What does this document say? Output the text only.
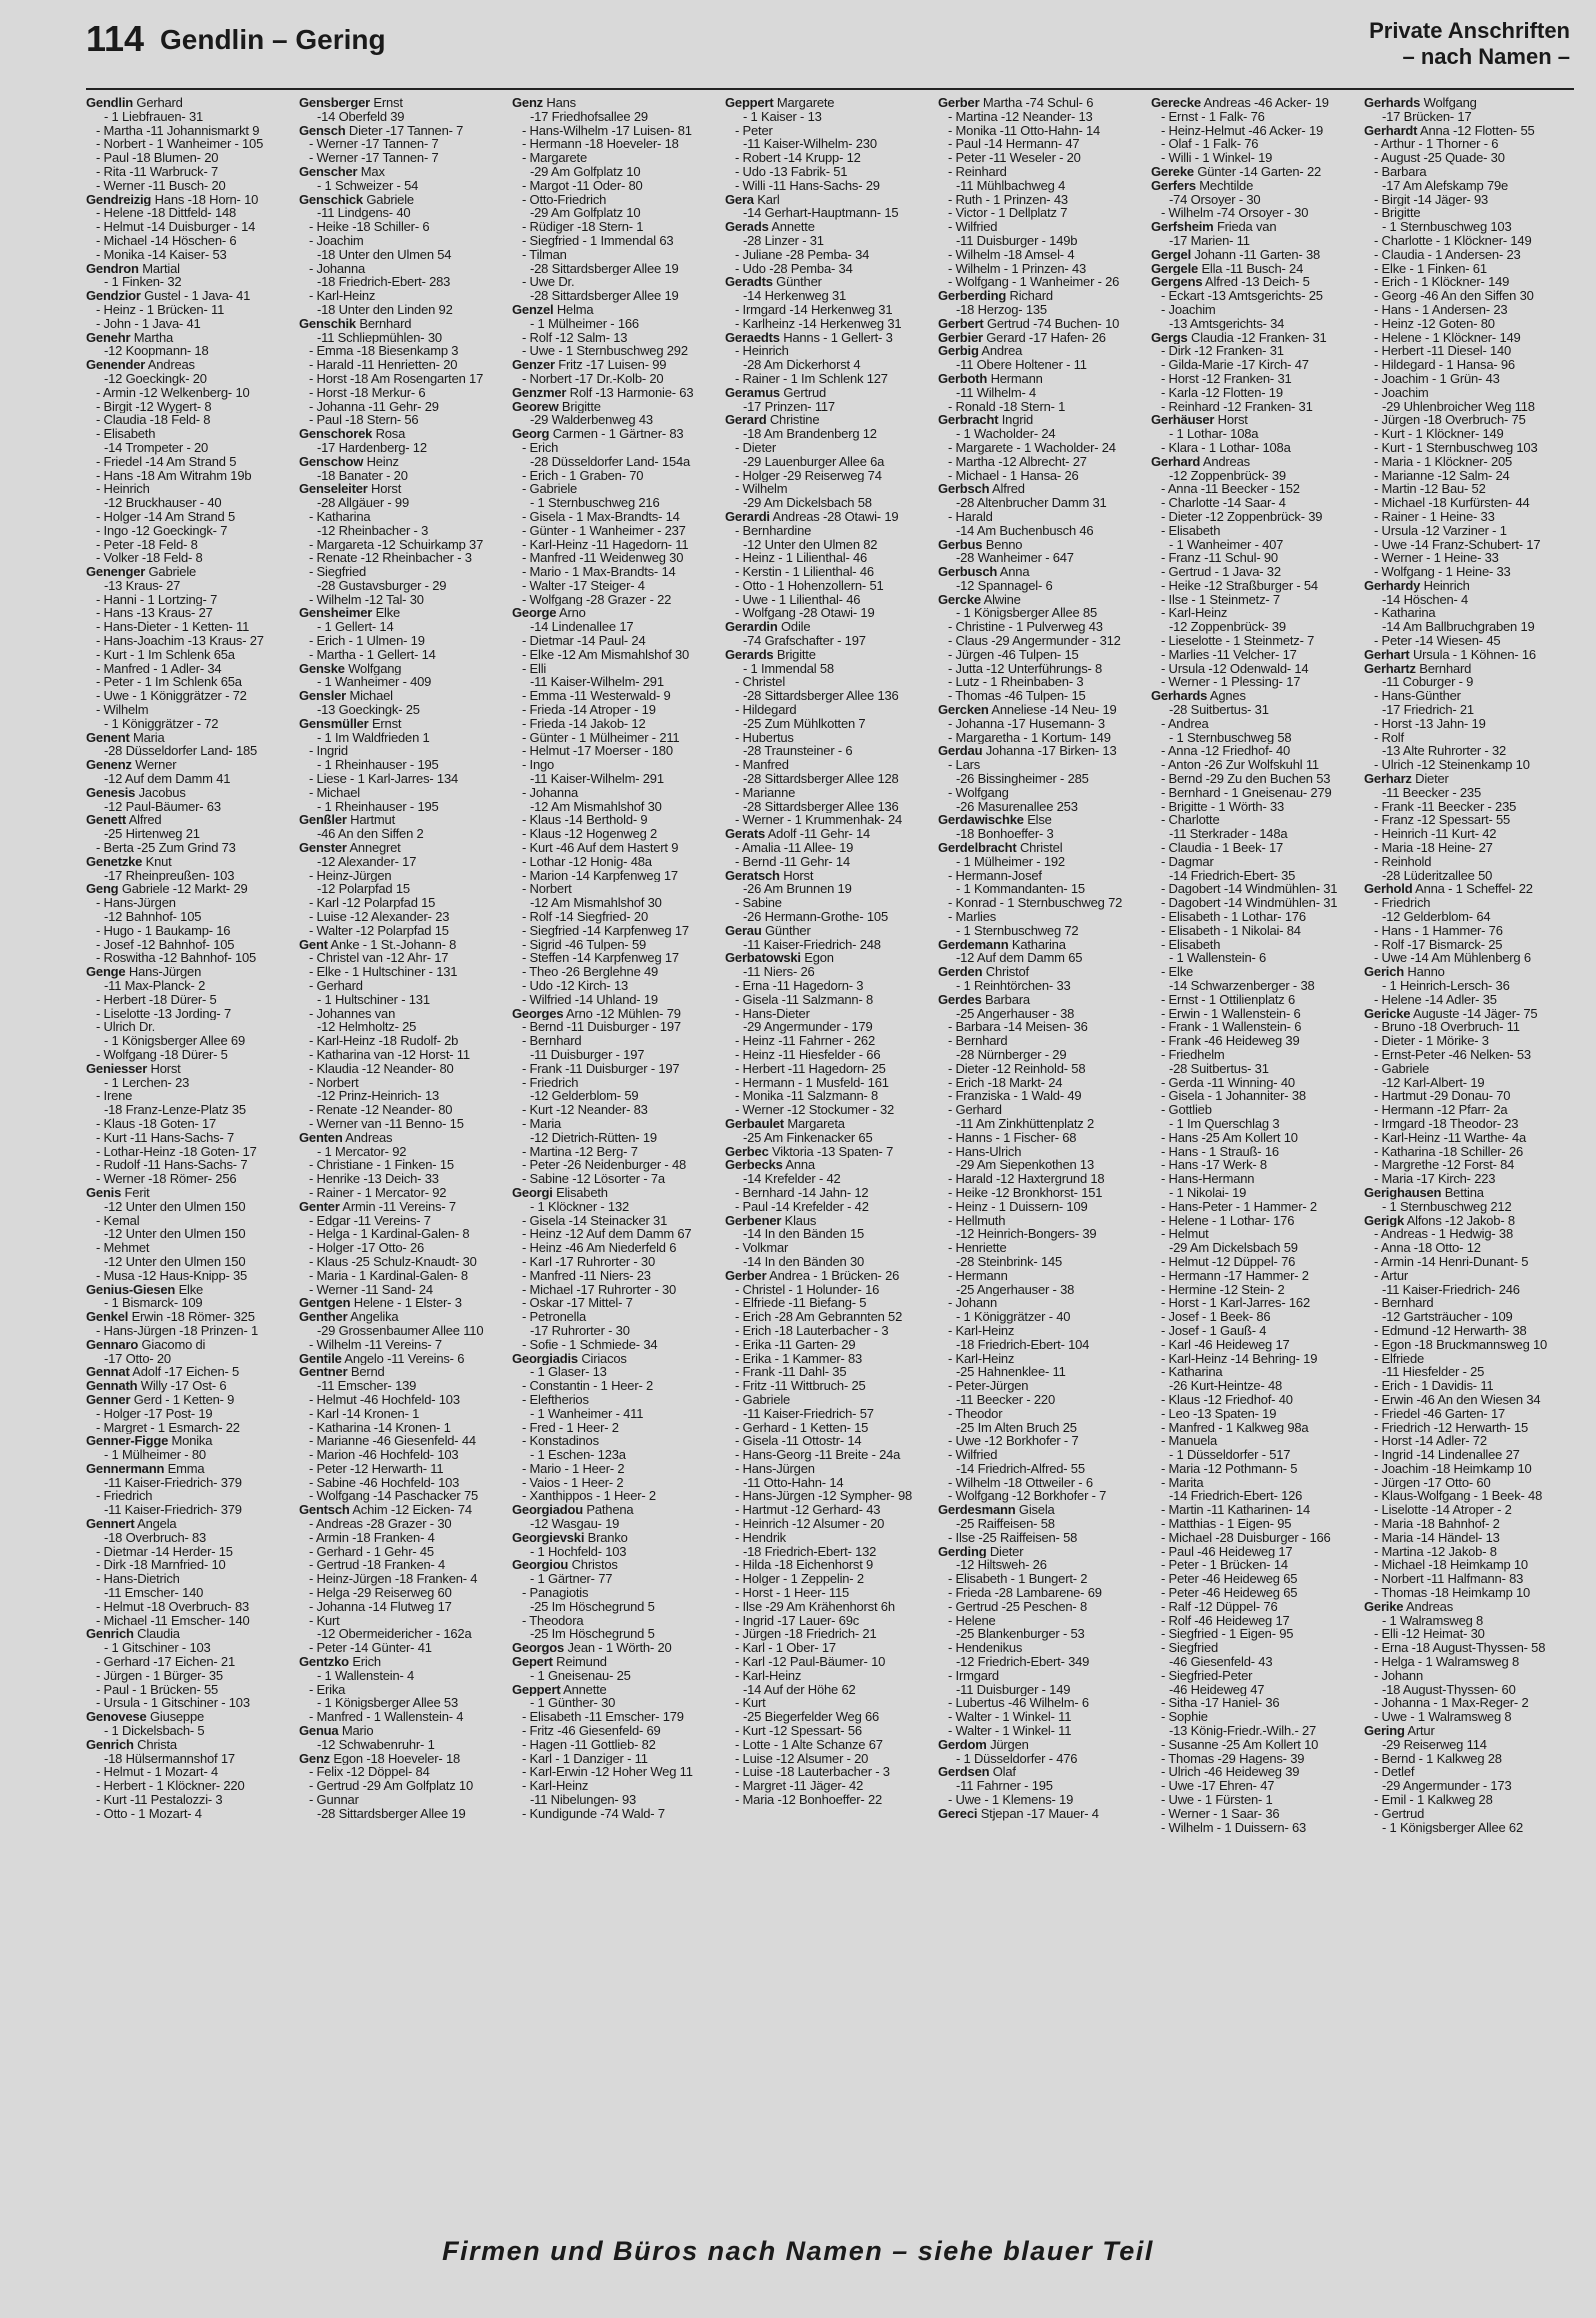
114 Gendlin – Gering	Private Anschriften
– nach Namen –
Gendlin Gerhard
- 1 Liebfrauen- 31
- Martha -11 Johannismarkt 9
- Norbert - 1 Wanheimer - 105
- Paul -18 Blumen- 20
- Rita -11 Warbruck- 7
- Werner -11 Busch- 20
Gendreizig Hans -18 Horn- 10
- Helene -18 Dittfeld- 148
- Helmut -14 Duisburger - 14
- Michael -14 Höschen- 6
- Monika -14 Kaiser- 53
Gendron Martial
- 1 Finken- 32
Gendzior Gustel - 1 Java- 41
- Heinz - 1 Brücken- 11
- John - 1 Java- 41
Genehr Martha
-12 Koopmann- 18
Genender Andreas
-12 Goeckingk- 20
- Armin -12 Welkenberg- 10
- Birgit -12 Wygert- 8
- Claudia -18 Feld- 8
- Elisabeth
-14 Trompeter - 20
- Friedel -14 Am Strand 5
- Hans -18 Am Witrahm 19b
- Heinrich
-12 Bruckhauser - 40
- Holger -14 Am Strand 5
- Ingo -12 Goeckingk- 7
- Peter -18 Feld- 8
- Volker -18 Feld- 8
Genenger Gabriele
-13 Kraus- 27
- Hanni - 1 Lortzing- 7
- Hans -13 Kraus- 27
- Hans-Dieter - 1 Ketten- 11
- Hans-Joachim -13 Kraus- 27
- Kurt - 1 Im Schlenk 65a
- Manfred - 1 Adler- 34
- Peter - 1 Im Schlenk 65a
- Uwe - 1 Königgrätzer - 72
- Wilhelm
- 1 Königgrätzer - 72
Genent Maria
-28 Düsseldorfer Land- 185
Genenz Werner
-12 Auf dem Damm 41
Genesis Jacobus
-12 Paul-Bäumer- 63
Genett Alfred
-25 Hirtenweg 21
- Berta -25 Zum Grind 73
Genetzke Knut
-17 Rheinpreußen- 103
Geng Gabriele -12 Markt- 29
- Hans-Jürgen
-12 Bahnhof- 105
- Hugo - 1 Baukamp- 16
- Josef -12 Bahnhof- 105
- Roswitha -12 Bahnhof- 105
Genge Hans-Jürgen
-11 Max-Planck- 2
- Herbert -18 Dürer- 5
- Liselotte -13 Jording- 7
- Ulrich Dr.
- 1 Königsberger Allee 69
- Wolfgang -18 Dürer- 5
Geniesser Horst
- 1 Lerchen- 23
- Irene
-18 Franz-Lenze-Platz 35
- Klaus -18 Goten- 17
- Kurt -11 Hans-Sachs- 7
- Lothar-Heinz -18 Goten- 17
- Rudolf -11 Hans-Sachs- 7
- Werner -18 Römer- 256
Genis Ferit
-12 Unter den Ulmen 150
- Kemal
-12 Unter den Ulmen 150
- Mehmet
-12 Unter den Ulmen 150
- Musa -12 Haus-Knipp- 35
Genius-Giesen Elke
- 1 Bismarck- 109
Genkel Erwin -18 Römer- 325
- Hans-Jürgen -18 Prinzen- 1
Gennaro Giacomo di
-17 Otto- 20
Gennat Adolf -17 Eichen- 5
Gennath Willy -17 Ost- 6
Genner Gerd - 1 Ketten- 9
- Holger -17 Post- 19
- Margret - 1 Esmarch- 22
Genner-Figge Monika
- 1 Mülheimer - 80
Gennermann Emma
-11 Kaiser-Friedrich- 379
- Friedrich
-11 Kaiser-Friedrich- 379
Gennert Angela
-18 Overbruch- 83
- Dietmar -14 Herder- 15
- Dirk -18 Marnfried- 10
- Hans-Dietrich
-11 Emscher- 140
- Helmut -18 Overbruch- 83
- Michael -11 Emscher- 140
Genrich Claudia
- 1 Gitschiner - 103
- Gerhard -17 Eichen- 21
- Jürgen - 1 Bürger- 35
- Paul - 1 Brücken- 55
- Ursula - 1 Gitschiner - 103
Genovese Giuseppe
- 1 Dickelsbach- 5
Genrich Christa
-18 Hülsermannshof 17
- Helmut - 1 Mozart- 4
- Herbert - 1 Klöckner- 220
- Kurt -11 Pestalozzi- 3
- Otto - 1 Mozart- 4
Gensberger Ernst
-14 Oberfeld 39
Gensch Dieter -17 Tannen- 7
- Werner -17 Tannen- 7
- Werner -17 Tannen- 7
Genscher Max
- 1 Schweizer - 54
Genschick Gabriele
-11 Lindgens- 40
- Heike -18 Schiller- 6
- Joachim
-18 Unter den Ulmen 54
- Johanna
-18 Friedrich-Ebert- 283
- Karl-Heinz
-18 Unter den Linden 92
Genschik Bernhard
-11 Schliepmühlen- 30
- Emma -18 Biesenkamp 3
- Harald -11 Henrietten- 20
- Horst -18 Am Rosengarten 17
- Horst -18 Merkur- 6
- Johanna -11 Gehr- 29
- Paul -18 Stern- 56
Genschorek Rosa
-17 Hardenberg- 12
Genschow Heinz
-18 Banater - 20
Genseleiter Horst
-28 Allgäuer - 99
- Katharina
-12 Rheinbacher - 3
- Margareta -12 Schuirkamp 37
- Renate -12 Rheinbacher - 3
- Siegfried
-28 Gustavsburger - 29
- Wilhelm -12 Tal- 30
Gensheimer Elke
- 1 Gellert- 14
- Erich - 1 Ulmen- 19
- Martha - 1 Gellert- 14
Genske Wolfgang
- 1 Wanheimer - 409
Gensler Michael
-13 Goeckingk- 25
Gensmüller Ernst
- 1 Im Waldfrieden 1
- Ingrid
- 1 Rheinhauser - 195
- Liese - 1 Karl-Jarres- 134
- Michael
- 1 Rheinhauser - 195
Genßler Hartmut
-46 An den Siffen 2
Genster Annegret
-12 Alexander- 17
- Heinz-Jürgen
-12 Polarpfad 15
- Karl -12 Polarpfad 15
- Luise -12 Alexander- 23
- Walter -12 Polarpfad 15
Gent Anke - 1 St.-Johann- 8
- Christel van -12 Ahr- 17
- Elke - 1 Hultschiner - 131
- Gerhard
- 1 Hultschiner - 131
- Johannes van
-12 Helmholtz- 25
- Karl-Heinz -18 Rudolf- 2b
- Katharina van -12 Horst- 11
- Klaudia -12 Neander- 80
- Norbert
-12 Prinz-Heinrich- 13
- Renate -12 Neander- 80
- Werner van -11 Benno- 15
Genten Andreas
- 1 Mercator- 92
- Christiane - 1 Finken- 15
- Henrike -13 Deich- 33
- Rainer - 1 Mercator- 92
Genter Armin -11 Vereins- 7
- Edgar -11 Vereins- 7
- Helga - 1 Kardinal-Galen- 8
- Holger -17 Otto- 26
- Klaus -25 Schulz-Knaudt- 30
- Maria - 1 Kardinal-Galen- 8
- Werner -11 Sand- 24
Gentgen Helene - 1 Elster- 3
Genther Angelika
-29 Grossenbaumer Allee 110
- Wilhelm -11 Vereins- 7
Gentile Angelo -11 Vereins- 6
Gentner Bernd
-11 Emscher- 139
- Helmut -46 Hochfeld- 103
- Karl -14 Kronen- 1
- Katharina -14 Kronen- 1
- Marianne -46 Giesenfeld- 44
- Marion -46 Hochfeld- 103
- Peter -12 Herwarth- 11
- Sabine -46 Hochfeld- 103
- Wolfgang -14 Paschacker 75
Gentsch Achim -12 Eicken- 74
- Andreas -28 Grazer - 30
- Armin -18 Franken- 4
- Gerhard - 1 Gehr- 45
- Gertrud -18 Franken- 4
- Heinz-Jürgen -18 Franken- 4
- Helga -29 Reiserweg 60
- Johanna -14 Flutweg 17
- Kurt
-12 Obermeidericher - 162a
- Peter -14 Günter- 41
Gentzko Erich
- 1 Wallenstein- 4
- Erika
- 1 Königsberger Allee 53
- Manfred - 1 Wallenstein- 4
Genua Mario
-12 Schwabenruhr- 1
Genz Egon -18 Hoeveler- 18
- Felix -12 Döppel- 84
- Gertrud -29 Am Golfplatz 10
- Gunnar
-28 Sittardsberger Allee 19
Genz Hans
-17 Friedhofsallee 29
- Hans-Wilhelm -17 Luisen- 81
- Hermann -18 Hoeveler- 18
- Margarete
-29 Am Golfplatz 10
- Margot -11 Oder- 80
- Otto-Friedrich
-29 Am Golfplatz 10
- Rüdiger -18 Stern- 1
- Siegfried - 1 Immendal 63
- Tilman
-28 Sittardsberger Allee 19
- Uwe Dr.
-28 Sittardsberger Allee 19
Genzel Helma
- 1 Mülheimer - 166
- Rolf -12 Salm- 13
- Uwe - 1 Sternbuschweg 292
Genzer Fritz -17 Luisen- 99
- Norbert -17 Dr.-Kolb- 20
Genzmer Rolf -13 Harmonie- 63
Georew Brigitte
-29 Walderbenweg 43
Georg Carmen - 1 Gärtner- 83
- Erich
-28 Düsseldorfer Land- 154a
- Erich - 1 Graben- 70
- Gabriele
- 1 Sternbuschweg 216
- Gisela - 1 Max-Brandts- 14
- Günter - 1 Wanheimer - 237
- Karl-Heinz -11 Hagedorn- 11
- Manfred -11 Weidenweg 30
- Mario - 1 Max-Brandts- 14
- Walter -17 Steiger- 4
- Wolfgang -28 Grazer - 22
George Arno
-14 Lindenallee 17
- Dietmar -14 Paul- 24
- Elke -12 Am Mismahlshof 30
- Elli
-11 Kaiser-Wilhelm- 291
- Emma -11 Westerwald- 9
- Frieda -14 Atroper - 19
- Frieda -14 Jakob- 12
- Günter - 1 Mülheimer - 211
- Helmut -17 Moerser - 180
- Ingo
-11 Kaiser-Wilhelm- 291
- Johanna
-12 Am Mismahlshof 30
- Klaus -14 Berthold- 9
- Klaus -12 Hogenweg 2
- Kurt -46 Auf dem Hastert 9
- Lothar -12 Honig- 48a
- Marion -14 Karpfenweg 17
- Norbert
-12 Am Mismahlshof 30
- Rolf -14 Siegfried- 20
- Siegfried -14 Karpfenweg 17
- Sigrid -46 Tulpen- 59
- Steffen -14 Karpfenweg 17
- Theo -26 Berglehne 49
- Udo -12 Kirch- 13
- Wilfried -14 Uhland- 19
Georges Arno -12 Mühlen- 79
- Bernd -11 Duisburger - 197
- Bernhard
-11 Duisburger - 197
- Frank -11 Duisburger - 197
- Friedrich
-12 Gelderblom- 59
- Kurt -12 Neander- 83
- Maria
-12 Dietrich-Rütten- 19
- Martina -12 Berg- 7
- Peter -26 Neidenburger - 48
- Sabine -12 Lösorter - 7a
Georgi Elisabeth
- 1 Klöckner - 132
- Gisela -14 Steinacker 31
- Heinz -12 Auf dem Damm 67
- Heinz -46 Am Niederfeld 6
- Karl -17 Ruhrorter - 30
- Manfred -11 Niers- 23
- Michael -17 Ruhrorter - 30
- Oskar -17 Mittel- 7
- Petronella
-17 Ruhrorter - 30
- Sofie - 1 Schmiede- 34
Georgiadis Ciriacos
- 1 Glaser- 13
- Constantin - 1 Heer- 2
- Eleftherios
- 1 Wanheimer - 411
- Fred - 1 Heer- 2
- Konstadinos
- 1 Eschen- 123a
- Mario - 1 Heer- 2
- Vaios - 1 Heer- 2
- Xanthippos - 1 Heer- 2
Georgiadou Pathena
-12 Wasgau- 19
Georgievski Branko
- 1 Hochfeld- 103
Georgiou Christos
- 1 Gärtner- 77
- Panagiotis
-25 Im Höschegrund 5
- Theodora
-25 Im Höschegrund 5
Georgos Jean - 1 Wörth- 20
Gepert Reimund
- 1 Gneisenau- 25
Geppert Annette
- 1 Günther- 30
- Elisabeth -11 Emscher- 179
- Fritz -46 Giesenfeld- 69
- Hagen -11 Gottlieb- 82
- Karl - 1 Danziger - 11
- Karl-Erwin -12 Hoher Weg 11
- Karl-Heinz
-11 Nibelungen- 93
- Kundigunde -74 Wald- 7
Geppert Margarete
- 1 Kaiser - 13
- Peter
-11 Kaiser-Wilhelm- 230
- Robert -14 Krupp- 12
- Udo -13 Fabrik- 51
- Willi -11 Hans-Sachs- 29
Gera Karl
-14 Gerhart-Hauptmann- 15
Gerads Annette
-28 Linzer - 31
- Juliane -28 Pemba- 34
- Udo -28 Pemba- 34
Geradts Günther
-14 Herkenweg 31
- Irmgard -14 Herkenweg 31
- Karlheinz -14 Herkenweg 31
Geraedts Hanns - 1 Gellert- 3
- Heinrich
-28 Am Dickerhorst 4
- Rainer - 1 Im Schlenk 127
Geramus Gertrud
-17 Prinzen- 117
Gerard Christine
-18 Am Brandenberg 12
- Dieter
-29 Lauenburger Allee 6a
- Holger -29 Reiserweg 74
- Wilhelm
-29 Am Dickelsbach 58
Gerardi Andreas -28 Otawi- 19
- Bernhardine
-12 Unter den Ulmen 82
- Heinz - 1 Lilienthal- 46
- Kerstin - 1 Lilienthal- 46
- Otto - 1 Hohenzollern- 51
- Uwe - 1 Lilienthal- 46
- Wolfgang -28 Otawi- 19
Gerardin Odile
-74 Grafschafter - 197
Gerards Brigitte
- 1 Immendal 58
- Christel
-28 Sittardsberger Allee 136
- Hildegard
-25 Zum Mühlkotten 7
- Hubertus
-28 Traunsteiner - 6
- Manfred
-28 Sittardsberger Allee 128
- Marianne
-28 Sittardsberger Allee 136
- Werner - 1 Krummenhak- 24
Gerats Adolf -11 Gehr- 14
- Amalia -11 Allee- 19
- Bernd -11 Gehr- 14
Geratsch Horst
-26 Am Brunnen 19
- Sabine
-26 Hermann-Grothe- 105
Gerau Günther
-11 Kaiser-Friedrich- 248
Gerbatowski Egon
-11 Niers- 26
- Erna -11 Hagedorn- 3
- Gisela -11 Salzmann- 8
- Hans-Dieter
-29 Angermunder - 179
- Heinz -11 Fahrner - 262
- Heinz -11 Hiesfelder - 66
- Herbert -11 Hagedorn- 25
- Hermann - 1 Musfeld- 161
- Monika -11 Salzmann- 8
- Werner -12 Stockumer - 32
Gerbaulet Margareta
-25 Am Finkenacker 65
Gerbec Viktoria -13 Spaten- 7
Gerbecks Anna
-14 Krefelder - 42
- Bernhard -14 Jahn- 12
- Paul -14 Krefelder - 42
Gerbener Klaus
-14 In den Bänden 15
- Volkmar
-14 In den Bänden 30
Gerber Andrea - 1 Brücken- 26
- Christel - 1 Holunder- 16
- Elfriede -11 Biefang- 5
- Erich -28 Am Gebrannten 52
- Erich -18 Lauterbacher - 3
- Erika -11 Garten- 29
- Erika - 1 Kammer- 83
- Frank -11 Dahl- 35
- Fritz -11 Wittbruch- 25
- Gabriele
-11 Kaiser-Friedrich- 57
- Gerhard - 1 Ketten- 15
- Gisela -11 Ottostr- 14
- Hans-Georg -11 Breite - 24a
- Hans-Jürgen
-11 Otto-Hahn- 14
- Hans-Jürgen -12 Sympher- 98
- Hartmut -12 Gerhard- 43
- Heinrich -12 Alsumer - 20
- Hendrik
-18 Friedrich-Ebert- 132
- Hilda -18 Eichenhorst 9
- Holger - 1 Zeppelin- 2
- Horst - 1 Heer- 115
- Ilse -29 Am Krähenhorst 6h
- Ingrid -17 Lauer- 69c
- Jürgen -18 Friedrich- 21
- Karl - 1 Ober- 17
- Karl -12 Paul-Bäumer- 10
- Karl-Heinz
-14 Auf der Höhe 62
- Kurt
-25 Biegerfelder Weg 66
- Kurt -12 Spessart- 56
- Lotte - 1 Alte Schanze 67
- Luise -12 Alsumer - 20
- Luise -18 Lauterbacher - 3
- Margret -11 Jäger- 42
- Maria -12 Bonhoeffer- 22
Gerber Martha -74 Schul- 6
- Martina -12 Neander- 13
- Monika -11 Otto-Hahn- 14
- Paul -14 Hermann- 47
- Peter -11 Weseler - 20
- Reinhard
-11 Mühlbachweg 4
- Ruth - 1 Prinzen- 43
- Victor - 1 Dellplatz 7
- Wilfried
-11 Duisburger - 149b
- Wilhelm -18 Amsel- 4
- Wilhelm - 1 Prinzen- 43
- Wolfgang - 1 Wanheimer - 26
Gerberding Richard
-18 Herzog- 135
Gerbert Gertrud -74 Buchen- 10
Gerbier Gerard -17 Hafen- 26
Gerbig Andrea
-11 Obere Holtener - 11
Gerboth Hermann
-11 Wilhelm- 4
- Ronald -18 Stern- 1
Gerbracht Ingrid
- 1 Wacholder- 24
- Margarete - 1 Wacholder- 24
- Martha -12 Albrecht- 27
- Michael - 1 Hansa- 26
Gerbsch Alfred
-28 Altenbrucher Damm 31
- Harald
-14 Am Buchenbusch 46
Gerbus Benno
-28 Wanheimer - 647
Gerbusch Anna
-12 Spannagel- 6
Gercke Alwine
- 1 Königsberger Allee 85
- Christine - 1 Pulverweg 43
- Claus -29 Angermunder - 312
- Jürgen -46 Tulpen- 15
- Jutta -12 Unterführungs- 8
- Lutz - 1 Rheinbaben- 3
- Thomas -46 Tulpen- 15
Gercken Anneliese -14 Neu- 19
- Johanna -17 Husemann- 3
- Margaretha - 1 Kortum- 149
Gerdau Johanna -17 Birken- 13
- Lars
-26 Bissingheimer - 285
- Wolfgang
-26 Masurenallee 253
Gerdawischke Else
-18 Bonhoeffer- 3
Gerdelbracht Christel
- 1 Mülheimer - 192
- Hermann-Josef
- 1 Kommandanten- 15
- Konrad - 1 Sternbuschweg 72
- Marlies
- 1 Sternbuschweg 72
Gerdemann Katharina
-12 Auf dem Damm 65
Gerden Christof
- 1 Reinhtörchen- 33
Gerdes Barbara
-25 Angerhauser - 38
- Barbara -14 Meisen- 36
- Bernhard
-28 Nürnberger - 29
- Dieter -12 Reinhold- 58
- Erich -18 Markt- 24
- Franziska - 1 Wald- 49
- Gerhard
-11 Am Zinkhüttenplatz 2
- Hanns - 1 Fischer- 68
- Hans-Ulrich
-29 Am Siepenkothen 13
- Harald -12 Haxtergrund 18
- Heike -12 Bronkhorst- 151
- Heinz - 1 Duissern- 109
- Hellmuth
-12 Heinrich-Bongers- 39
- Henriette
-28 Steinbrink- 145
- Hermann
-25 Angerhauser - 38
- Johann
- 1 Königgrätzer - 40
- Karl-Heinz
-18 Friedrich-Ebert- 104
- Karl-Heinz
-25 Hahnenklee- 11
- Peter-Jürgen
-11 Beecker - 220
- Theodor
-25 Im Alten Bruch 25
- Uwe -12 Borkhofer - 7
- Wilfried
-14 Friedrich-Alfred- 55
- Wilhelm -18 Ottweiler - 6
- Wolfgang -12 Borkhofer - 7
Gerdesmann Gisela
-25 Raiffeisen- 58
- Ilse -25 Raiffeisen- 58
Gerding Dieter
-12 Hiltsweh- 26
- Elisabeth - 1 Bungert- 2
- Frieda -28 Lambarene- 69
- Gertrud -25 Peschen- 8
- Helene
-25 Blankenburger - 53
- Hendenikus
-12 Friedrich-Ebert- 349
- Irmgard
-11 Duisburger - 149
- Lubertus -46 Wilhelm- 6
- Walter - 1 Winkel- 11
- Walter - 1 Winkel- 11
Gerdom Jürgen
- 1 Düsseldorfer - 476
Gerdsen Olaf
-11 Fahrner - 195
- Uwe - 1 Klemens- 19
Gereci Stjepan -17 Mauer- 4
Gerecke Andreas -46 Acker- 19
- Ernst - 1 Falk- 76
- Heinz-Helmut -46 Acker- 19
- Olaf - 1 Falk- 76
- Willi - 1 Winkel- 19
Gereke Günter -14 Garten- 22
Gerfers Mechtilde
-74 Orsoyer - 30
- Wilhelm -74 Orsoyer - 30
Gerfsheim Frieda van
-17 Marien- 11
Gergel Johann -11 Garten- 38
Gergele Ella -11 Busch- 24
Gergens Alfred -13 Deich- 5
- Eckart -13 Amtsgerichts- 25
- Joachim
-13 Amtsgerichts- 34
Gergs Claudia -12 Franken- 31
- Dirk -12 Franken- 31
- Gilda-Marie -17 Kirch- 47
- Horst -12 Franken- 31
- Karla -12 Flotten- 19
- Reinhard -12 Franken- 31
Gerhäuser Horst
- 1 Lothar- 108a
- Klara - 1 Lothar- 108a
Gerhard Andreas
-12 Zoppenbrück- 39
- Anna -11 Beecker - 152
- Charlotte -14 Saar- 4
- Dieter -12 Zoppenbrück- 39
- Elisabeth
- 1 Wanheimer - 407
- Franz -11 Schul- 90
- Gertrud - 1 Java- 32
- Heike -12 Straßburger - 54
- Ilse - 1 Steinmetz- 7
- Karl-Heinz
-12 Zoppenbrück- 39
- Lieselotte - 1 Steinmetz- 7
- Marlies -11 Velcher- 17
- Ursula -12 Odenwald- 14
- Werner - 1 Plessing- 17
Gerhards Agnes
-28 Suitbertus- 31
- Andrea
- 1 Sternbuschweg 58
- Anna -12 Friedhof- 40
- Anton -26 Zur Wolfskuhl 11
- Bernd -29 Zu den Buchen 53
- Bernhard - 1 Gneisenau- 279
- Brigitte - 1 Wörth- 33
- Charlotte
-11 Sterkrader - 148a
- Claudia - 1 Beek- 17
- Dagmar
-14 Friedrich-Ebert- 35
- Dagobert -14 Windmühlen- 31
- Dagobert -14 Windmühlen- 31
- Elisabeth - 1 Lothar- 176
- Elisabeth - 1 Nikolai- 84
- Elisabeth
- 1 Wallenstein- 6
- Elke
-14 Schwarzenberger - 38
- Ernst - 1 Ottilienplatz 6
- Erwin - 1 Wallenstein- 6
- Frank - 1 Wallenstein- 6
- Frank -46 Heideweg 39
- Friedhelm
-28 Suitbertus- 31
- Gerda -11 Winning- 40
- Gisela - 1 Johanniter- 38
- Gottlieb
- 1 Im Querschlag 3
- Hans -25 Am Kollert 10
- Hans - 1 Strauß- 16
- Hans -17 Werk- 8
- Hans-Hermann
- 1 Nikolai- 19
- Hans-Peter - 1 Hammer- 2
- Helene - 1 Lothar- 176
- Helmut
-29 Am Dickelsbach 59
- Helmut -12 Düppel- 76
- Hermann -17 Hammer- 2
- Hermine -12 Stein- 2
- Horst - 1 Karl-Jarres- 162
- Josef - 1 Beek- 86
- Josef - 1 Gauß- 4
- Karl -46 Heideweg 17
- Karl-Heinz -14 Behring- 19
- Katharina
-26 Kurt-Heintze- 48
- Klaus -12 Friedhof- 40
- Leo -13 Spaten- 19
- Manfred - 1 Kalkweg 98a
- Manuela
- 1 Düsseldorfer - 517
- Maria -12 Pothmann- 5
- Marita
-14 Friedrich-Ebert- 126
- Martin -11 Katharinen- 14
- Matthias - 1 Eigen- 95
- Michael -28 Duisburger - 166
- Paul -46 Heideweg 17
- Peter - 1 Brücken- 14
- Peter -46 Heideweg 65
- Peter -46 Heideweg 65
- Ralf -12 Düppel- 76
- Rolf -46 Heideweg 17
- Siegfried - 1 Eigen- 95
- Siegfried
-46 Giesenfeld- 43
- Siegfried-Peter
-46 Heideweg 47
- Sitha -17 Haniel- 36
- Sophie
-13 König-Friedr.-Wilh.- 27
- Susanne -25 Am Kollert 10
- Thomas -29 Hagens- 39
- Ulrich -46 Heideweg 39
- Uwe -17 Ehren- 47
- Uwe - 1 Fürsten- 1
- Werner - 1 Saar- 36
- Wilhelm - 1 Duissern- 63
Gerhards Wolfgang
-17 Brücken- 17
Gerhardt Anna -12 Flotten- 55
- Arthur - 1 Thorner - 6
- August -25 Quade- 30
- Barbara
-17 Am Alefskamp 79e
- Birgit -14 Jäger- 93
- Brigitte
- 1 Sternbuschweg 103
- Charlotte - 1 Klöckner- 149
- Claudia - 1 Andersen- 23
- Elke - 1 Finken- 61
- Erich - 1 Klöckner- 149
- Georg -46 An den Siffen 30
- Hans - 1 Andersen- 23
- Heinz -12 Goten- 80
- Helene - 1 Klöckner- 149
- Herbert -11 Diesel- 140
- Hildegard - 1 Hansa- 96
- Joachim - 1 Grün- 43
- Joachim
-29 Uhlenbroicher Weg 118
- Jürgen -18 Overbruch- 75
- Kurt - 1 Klöckner- 149
- Kurt - 1 Sternbuschweg 103
- Maria - 1 Klöckner- 205
- Marianne -12 Salm- 24
- Martin -12 Bau- 52
- Michael -18 Kurfürsten- 44
- Rainer - 1 Heine- 33
- Ursula -12 Varziner - 1
- Uwe -14 Franz-Schubert- 17
- Werner - 1 Heine- 33
- Wolfgang - 1 Heine- 33
Gerhardy Heinrich
-14 Höschen- 4
- Katharina
-14 Am Ballbruchgraben 19
- Peter -14 Wiesen- 45
Gerhart Ursula - 1 Köhnen- 16
Gerhartz Bernhard
-11 Coburger - 9
- Hans-Günther
-17 Friedrich- 21
- Horst -13 Jahn- 19
- Rolf
-13 Alte Ruhrorter - 32
- Ulrich -12 Steinenkamp 10
Gerharz Dieter
-11 Beecker - 235
- Frank -11 Beecker - 235
- Franz -12 Spessart- 55
- Heinrich -11 Kurt- 42
- Maria -18 Heine- 27
- Reinhold
-28 Lüderitzallee 50
Gerhold Anna - 1 Scheffel- 22
- Friedrich
-12 Gelderblom- 64
- Hans - 1 Hammer- 76
- Rolf -17 Bismarck- 25
- Uwe -14 Am Mühlenberg 6
Gerich Hanno
- 1 Heinrich-Lersch- 36
- Helene -14 Adler- 35
Gericke Auguste -14 Jäger- 75
- Bruno -18 Overbruch- 11
- Dieter - 1 Mörike- 3
- Ernst-Peter -46 Nelken- 53
- Gabriele
-12 Karl-Albert- 19
- Hartmut -29 Donau- 70
- Hermann -12 Pfarr- 2a
- Irmgard -18 Theodor- 23
- Karl-Heinz -11 Warthe- 4a
- Katharina -18 Schiller- 26
- Margrethe -12 Forst- 84
- Maria -17 Kirch- 223
Gerighausen Bettina
- 1 Sternbuschweg 212
Gerigk Alfons -12 Jakob- 8
- Andreas - 1 Hedwig- 38
- Anna -18 Otto- 12
- Armin -14 Henri-Dunant- 5
- Artur
-11 Kaiser-Friedrich- 246
- Bernhard
-12 Gartsträucher - 109
- Edmund -12 Herwarth- 38
- Egon -18 Bruckmannsweg 10
- Elfriede
-11 Hiesfelder - 25
- Erich - 1 Davidis- 11
- Erwin -46 An den Wiesen 34
- Friedel -46 Garten- 17
- Friedrich -12 Herwarth- 15
- Horst -14 Adler- 72
- Ingrid -14 Lindenallee 27
- Joachim -18 Heimkamp 10
- Jürgen -17 Otto- 60
- Klaus-Wolfgang - 1 Beek- 48
- Liselotte -14 Atroper - 2
- Maria -18 Bahnhof- 2
- Maria -14 Händel- 13
- Martina -12 Jakob- 8
- Michael -18 Heimkamp 10
- Norbert -11 Halfmann- 83
- Thomas -18 Heimkamp 10
Gerike Andreas
- 1 Walramsweg 8
- Elli -12 Heimat- 30
- Erna -18 August-Thyssen- 58
- Helga - 1 Walramsweg 8
- Johann
-18 August-Thyssen- 60
- Johanna - 1 Max-Reger- 2
- Uwe - 1 Walramsweg 8
Gering Artur
-29 Reiserweg 114
- Bernd - 1 Kalkweg 28
- Detlef
-29 Angermunder - 173
- Emil - 1 Kalkweg 28
- Gertrud
- 1 Königsberger Allee 62
Firmen und Büros nach Namen – siehe blauer Teil
